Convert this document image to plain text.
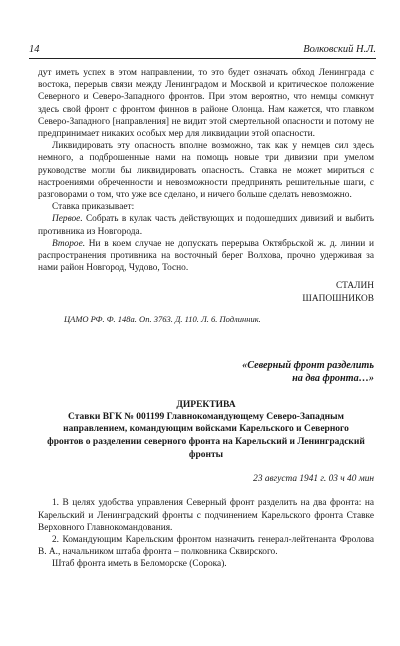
14	Волковский Н.Л.

дут иметь успех в этом направлении, то это будет означать обход Ленинграда с востока, перерыв связи между Ленинградом и Москвой и критическое положение Северного и Северо-Западного фронтов. При этом вероятно, что немцы сомкнут здесь свой фронт с фронтом финнов в районе Олонца. Нам кажется, что главком Северо-Западного [направления] не видит этой смертельной опасности и потому не предпринимает никаких особых мер для ликвидации этой опасности.

Ликвидировать эту опасность вполне возможно, так как у немцев сил здесь немного, а подброшенные нами на помощь новые три дивизии при умелом руководстве могли бы ликвидировать опасность. Ставка не может мириться с настроениями обреченности и невозможности предпринять решительные шаги, с разговорами о том, что уже все сделано, и ничего больше сделать невозможно.

Ставка приказывает:

Первое. Собрать в кулак часть действующих и подошедших дивизий и выбить противника из Новгорода.

Второе. Ни в коем случае не допускать перерыва Октябрьской ж. д. линии и распространения противника на восточный берег Волхова, прочно удерживая за нами район Новгород, Чудово, Тосно.

СТАЛИН
ШАПОШНИКОВ
ЦАМО РФ. Ф. 148а. Оп. 3763. Д. 110. Л. 6. Подлинник.
«Северный фронт разделить
на два фронта…»
ДИРЕКТИВА
Ставки ВГК № 001199 Главнокомандующему Северо-Западным направлением, командующим войсками Карельского и Северного фронтов о разделении северного фронта на Карельский и Ленинградский фронты
23 августа 1941 г. 03 ч 40 мин

1. В целях удобства управления Северный фронт разделить на два фронта: на Карельский и Ленинградский фронты с подчинением Карельского фронта Ставке Верховного Главнокомандования.

2. Командующим Карельским фронтом назначить генерал-лейтенанта Фролова В. А., начальником штаба фронта – полковника Сквирского.

Штаб фронта иметь в Беломорске (Сорока).
